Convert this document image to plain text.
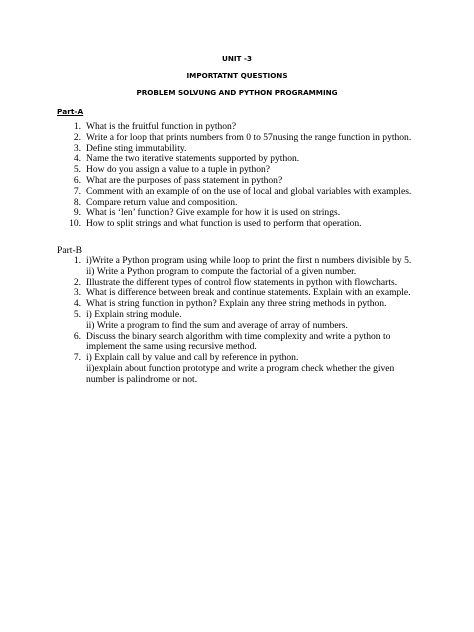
UNIT -3
IMPORTATNT QUESTIONS
PROBLEM SOLVUNG AND PYTHON PROGRAMMING
Part-A
1. What is the fruitful function in python?
2. Write a for loop that prints numbers from 0 to 57nusing the range function in python.
3. Define sting immutability.
4. Name the two iterative statements supported by python.
5. How do you assign a value to a tuple in python?
6. What are the purposes of pass statement in python?
7. Comment with an example of on the use of local and global variables with examples.
8. Compare return value and composition.
9. What is ‘len’ function? Give example for how it is used on strings.
10. How to split strings and what function is used to perform that operation.
Part-B
1. i)Write a Python program using while loop to print the first n numbers divisible by 5.
ii) Write a Python program to compute the factorial of a given number.
2. Illustrate the different types of control flow statements in python with flowcharts.
3. What is difference between break and continue statements. Explain with an example.
4. What is string function in python? Explain any three string methods in python.
5. i) Explain string module.
ii) Write a program to find the sum and average of array of numbers.
6. Discuss the binary search algorithm with time complexity and write a python to
implement the same using recursive method.
7. i) Explain call by value and call by reference in python.
ii)explain about function prototype and write a program check whether the given
number is palindrome or not.
